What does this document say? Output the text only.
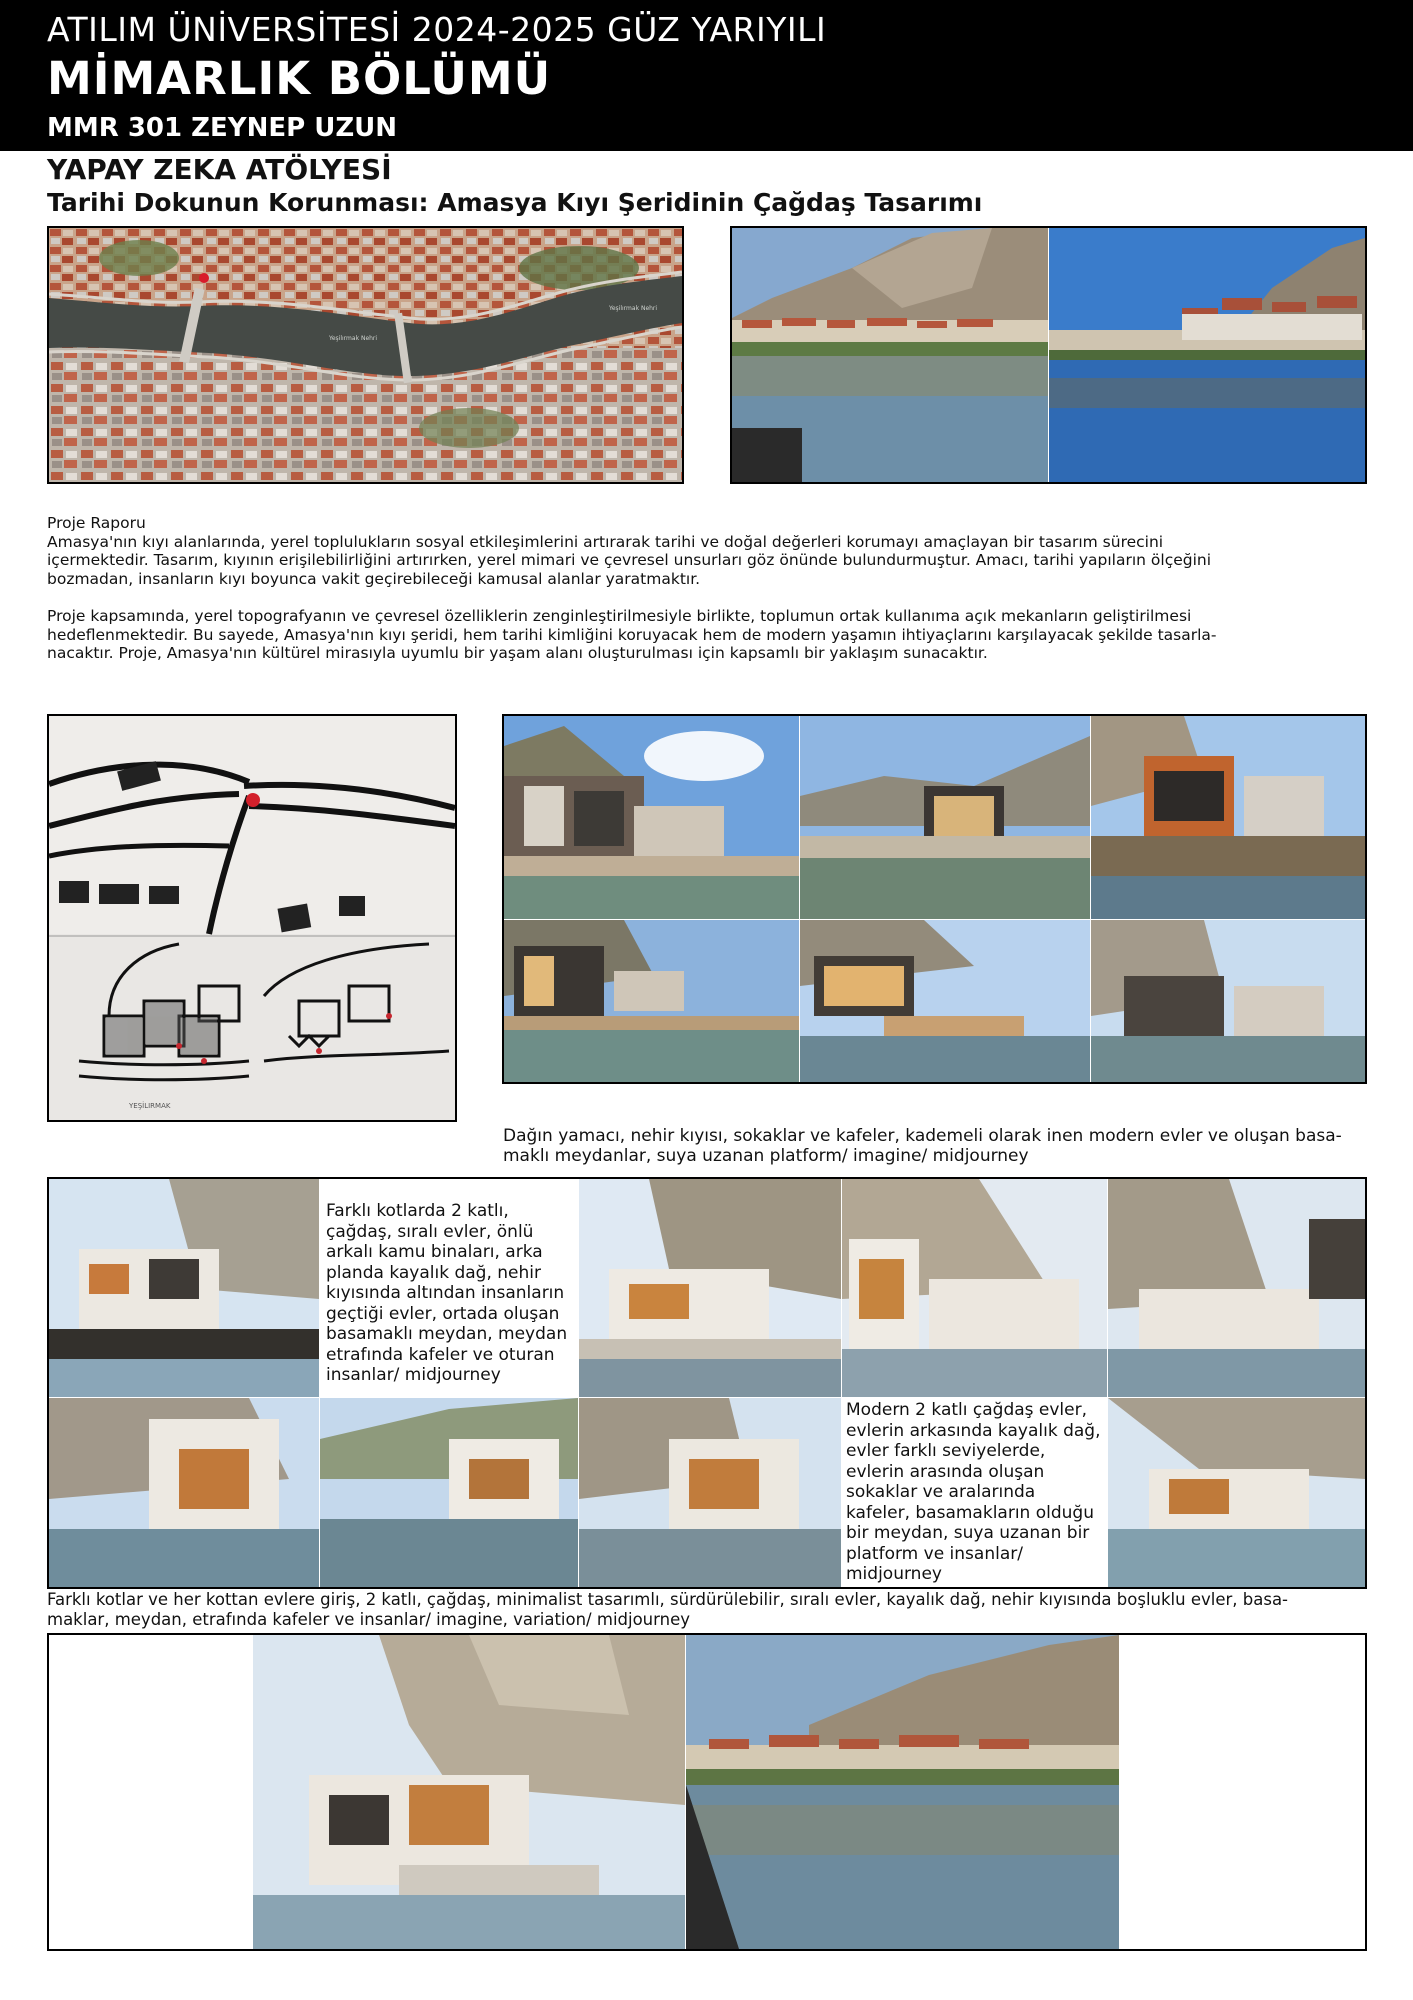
ATILIM ÜNİVERSİTESİ 2024-2025 GÜZ YARIYILI
MİMARLIK BÖLÜMÜ
MMR 301 ZEYNEP UZUN
YAPAY ZEKA ATÖLYESİ
Tarihi Dokunun Korunması: Amasya Kıyı Şeridinin Çağdaş Tasarımı
Yeşilırmak Nehri
Yeşilırmak Nehri

Proje Raporu

Amasya'nın kıyı alanlarında, yerel toplulukların sosyal etkileşimlerini artırarak tarihi ve doğal değerleri korumayı amaçlayan bir tasarım sürecini

içermektedir. Tasarım, kıyının erişilebilirliğini artırırken, yerel mimari ve çevresel unsurları göz önünde bulundurmuştur. Amacı, tarihi yapıların ölçeğini

bozmadan, insanların kıyı boyunca vakit geçirebileceği kamusal alanlar yaratmaktır.

Proje kapsamında, yerel topografyanın ve çevresel özelliklerin zenginleştirilmesiyle birlikte, toplumun ortak kullanıma açık mekanların geliştirilmesi

hedeflenmektedir. Bu sayede, Amasya'nın kıyı şeridi, hem tarihi kimliğini koruyacak hem de modern yaşamın ihtiyaçlarını karşılayacak şekilde tasarla-

nacaktır. Proje, Amasya'nın kültürel mirasıyla uyumlu bir yaşam alanı oluşturulması için kapsamlı bir yaklaşım sunacaktır.

YEŞİLIRMAK
Dağın yamacı, nehir kıyısı, sokaklar ve kafeler, kademeli olarak inen modern evler ve oluşan basa-
maklı meydanlar, suya uzanan platform/ imagine/ midjourney
Farklı kotlarda 2 katlı,
çağdaş, sıralı evler, önlü
arkalı kamu binaları, arka
planda kayalık dağ, nehir
kıyısında altından insanların
geçtiği evler, ortada oluşan
basamaklı meydan, meydan
etrafında kafeler ve oturan
insanlar/ midjourney
Modern 2 katlı çağdaş evler,
evlerin arkasında kayalık dağ,
evler farklı seviyelerde,
evlerin arasında oluşan
sokaklar ve aralarında
kafeler, basamakların olduğu
bir meydan, suya uzanan bir
platform ve insanlar/
midjourney
Farklı kotlar ve her kottan evlere giriş, 2 katlı, çağdaş, minimalist tasarımlı, sürdürülebilir, sıralı evler, kayalık dağ, nehir kıyısında boşluklu evler, basa-
maklar, meydan, etrafında kafeler ve insanlar/ imagine, variation/ midjourney
